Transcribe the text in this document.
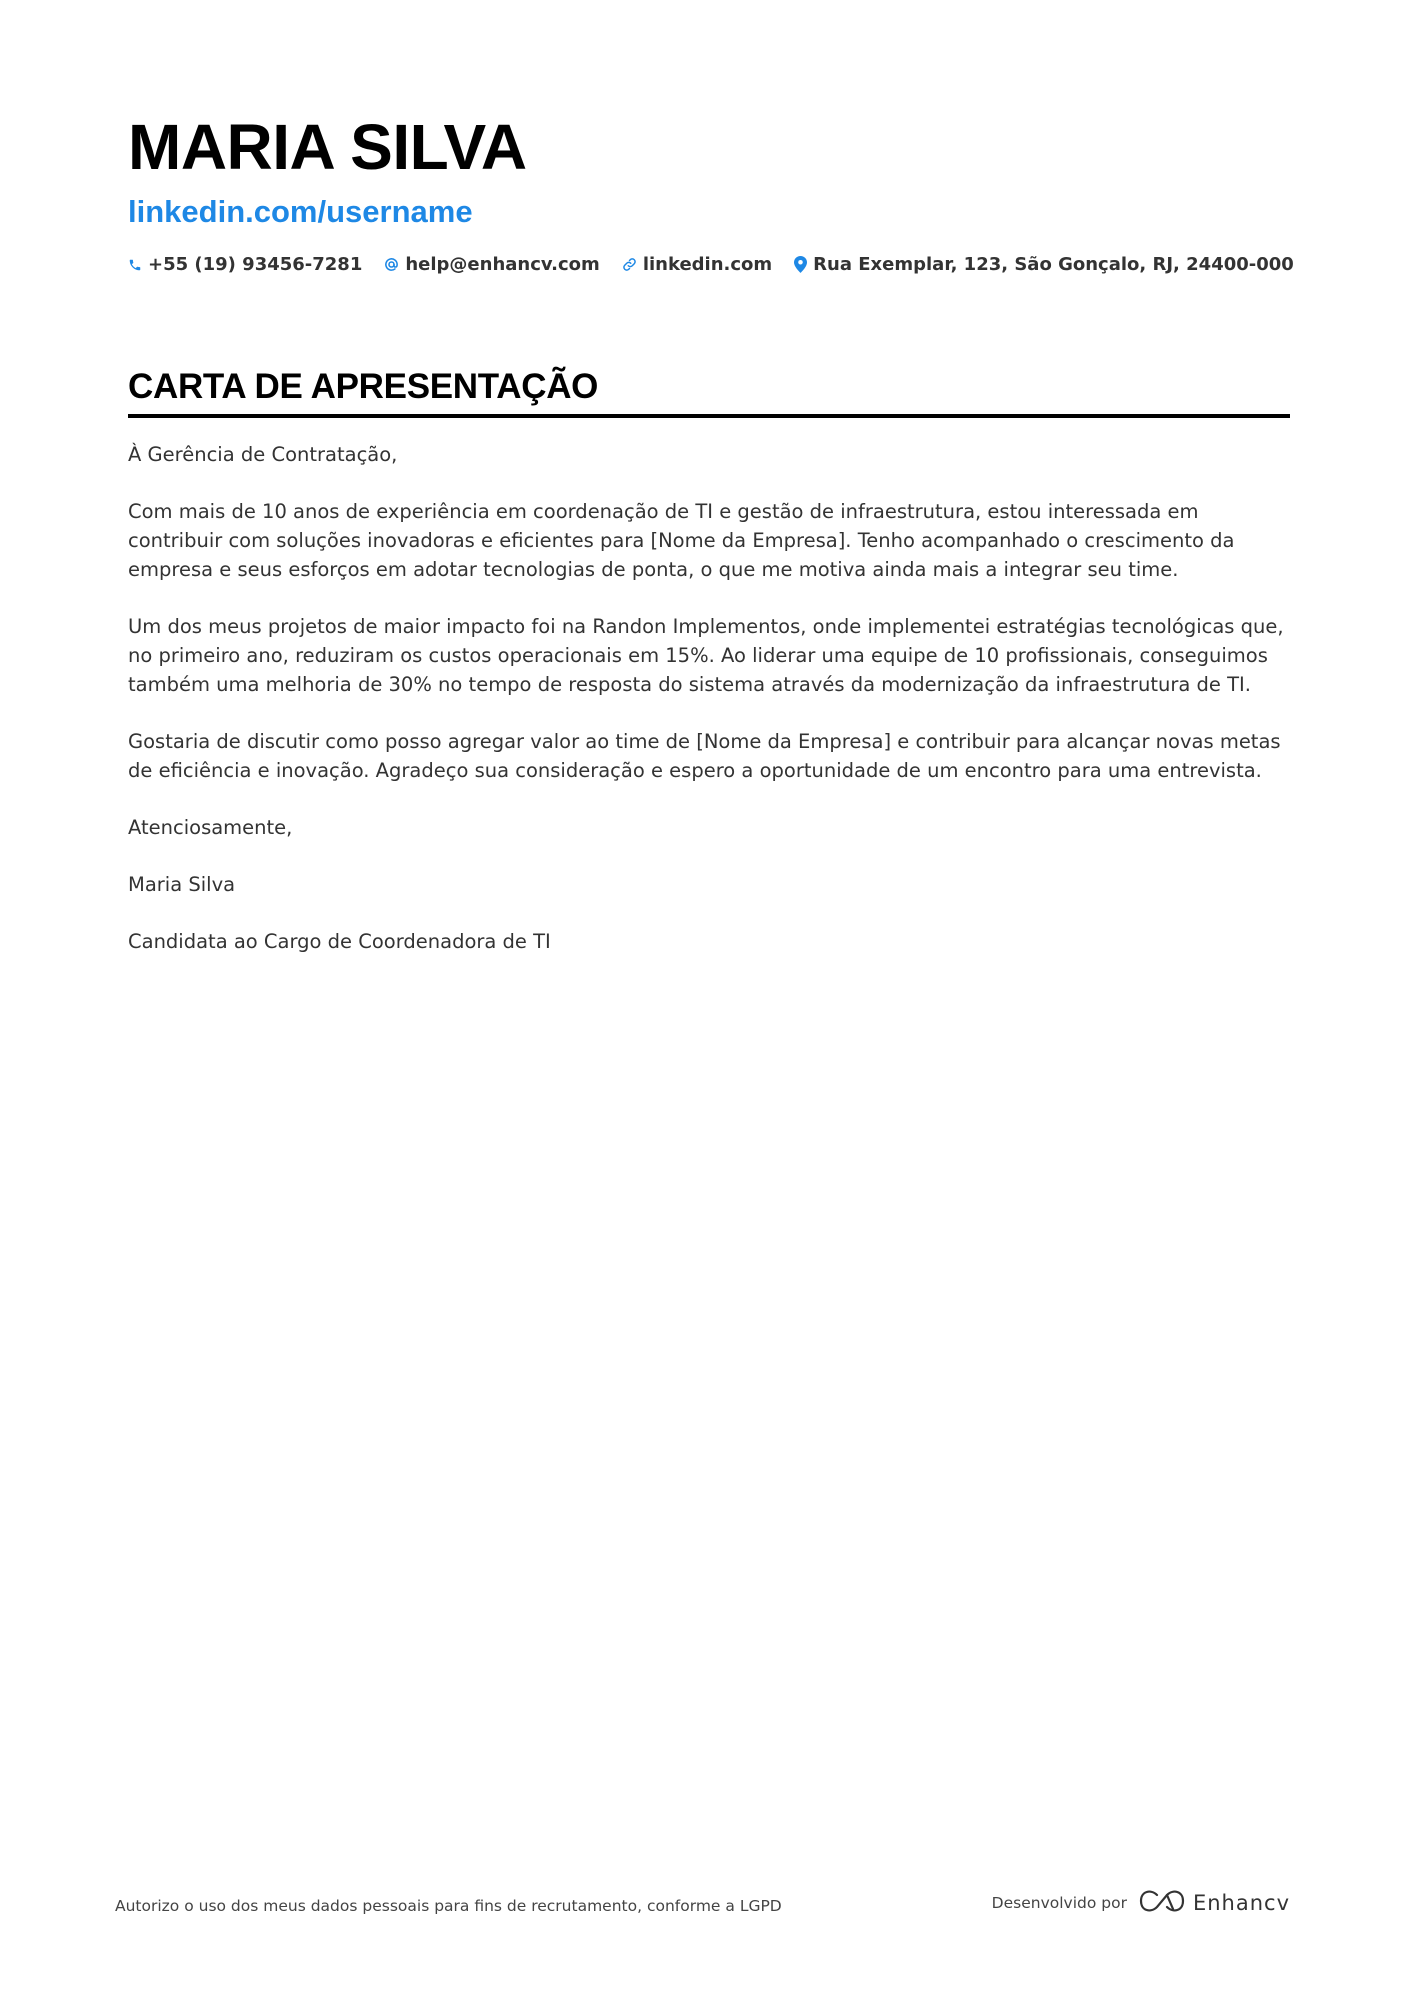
MARIA SILVA
linkedin.com/username
+55 (19) 93456-7281 help@enhancv.com linkedin.com Rua Exemplar, 123, São Gonçalo, RJ, 24400-000
CARTA DE APRESENTAÇÃO

À Gerência de Contratação,

Com mais de 10 anos de experiência em coordenação de TI e gestão de infraestrutura, estou interessada em contribuir com soluções inovadoras e eficientes para [Nome da Empresa]. Tenho acompanhado o crescimento da empresa e seus esforços em adotar tecnologias de ponta, o que me motiva ainda mais a integrar seu time.

Um dos meus projetos de maior impacto foi na Randon Implementos, onde implementei estratégias tecnológicas que, no primeiro ano, reduziram os custos operacionais em 15%. Ao liderar uma equipe de 10 profissionais, conseguimos também uma melhoria de 30% no tempo de resposta do sistema através da modernização da infraestrutura de TI.

Gostaria de discutir como posso agregar valor ao time de [Nome da Empresa] e contribuir para alcançar novas metas de eficiência e inovação. Agradeço sua consideração e espero a oportunidade de um encontro para uma entrevista.

Atenciosamente,

Maria Silva

Candidata ao Cargo de Coordenadora de TI

Autorizo o uso dos meus dados pessoais para fins de recrutamento, conforme a LGPD	Desenvolvido por	Enhancv
